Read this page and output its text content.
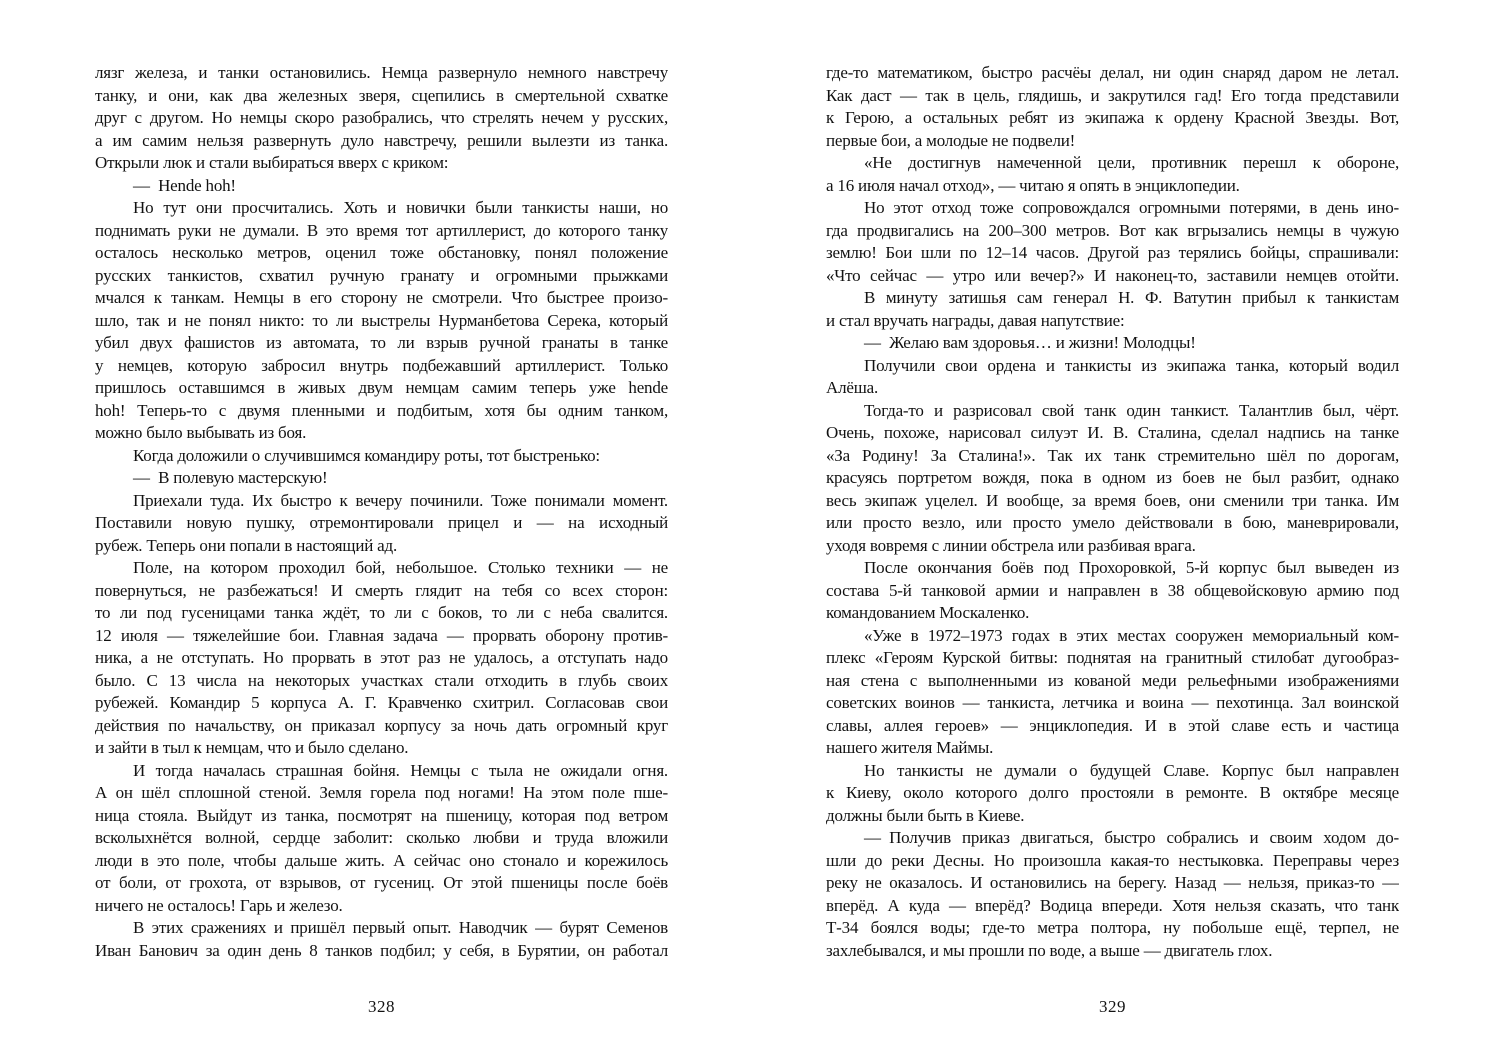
лязг железа, и танки остановились. Немца развернуло немного навстречу
танку, и они, как два железных зверя, сцепились в смертельной схватке
друг с другом. Но немцы скоро разобрались, что стрелять нечем у русских,
а им самим нельзя развернуть дуло навстречу, решили вылезти из танка.
Открыли люк и стали выбираться вверх с криком:
— Hende hoh!
Но тут они просчитались. Хоть и новички были танкисты наши, но
поднимать руки не думали. В это время тот артиллерист, до которого танку
осталось несколько метров, оценил тоже обстановку, понял положение
русских танкистов, схватил ручную гранату и огромными прыжками
мчался к танкам. Немцы в его сторону не смотрели. Что быстрее произо-
шло, так и не понял никто: то ли выстрелы Нурманбетова Серека, который
убил двух фашистов из автомата, то ли взрыв ручной гранаты в танке
у немцев, которую забросил внутрь подбежавший артиллерист. Только
пришлось оставшимся в живых двум немцам самим теперь уже hende
hoh! Теперь-то с двумя пленными и подбитым, хотя бы одним танком,
можно было выбывать из боя.
Когда доложили о случившимся командиру роты, тот быстренько:
— В полевую мастерскую!
Приехали туда. Их быстро к вечеру починили. Тоже понимали момент.
Поставили новую пушку, отремонтировали прицел и — на исходный
рубеж. Теперь они попали в настоящий ад.
Поле, на котором проходил бой, небольшое. Столько техники — не
повернуться, не разбежаться! И смерть глядит на тебя со всех сторон:
то ли под гусеницами танка ждёт, то ли с боков, то ли с неба свалится.
12 июля — тяжелейшие бои. Главная задача — прорвать оборону против-
ника, а не отступать. Но прорвать в этот раз не удалось, а отступать надо
было. С 13 числа на некоторых участках стали отходить в глубь своих
рубежей. Командир 5 корпуса А. Г. Кравченко схитрил. Согласовав свои
действия по начальству, он приказал корпусу за ночь дать огромный круг
и зайти в тыл к немцам, что и было сделано.
И тогда началась страшная бойня. Немцы с тыла не ожидали огня.
А он шёл сплошной стеной. Земля горела под ногами! На этом поле пше-
ница стояла. Выйдут из танка, посмотрят на пшеницу, которая под ветром
всколыхнётся волной, сердце заболит: сколько любви и труда вложили
люди в это поле, чтобы дальше жить. А сейчас оно стонало и корежилось
от боли, от грохота, от взрывов, от гусениц. От этой пшеницы после боёв
ничего не осталось! Гарь и железо.
В этих сражениях и пришёл первый опыт. Наводчик — бурят Семенов
Иван Банович за один день 8 танков подбил; у себя, в Бурятии, он работал
328
где-то математиком, быстро расчёы делал, ни один снаряд даром не летал.
Как даст — так в цель, глядишь, и закрутился гад! Его тогда представили
к Герою, а остальных ребят из экипажа к ордену Красной Звезды. Вот,
первые бои, а молодые не подвели!
«Не достигнув намеченной цели, противник перешл к обороне,
а 16 июля начал отход», — читаю я опять в энциклопедии.
Но этот отход тоже сопровождался огромными потерями, в день ино-
гда продвигались на 200–300 метров. Вот как вгрызались немцы в чужую
землю! Бои шли по 12–14 часов. Другой раз терялись бойцы, спрашивали:
«Что сейчас — утро или вечер?» И наконец-то, заставили немцев отойти.
В минуту затишья сам генерал Н. Ф. Ватутин прибыл к танкистам
и стал вручать награды, давая напутствие:
— Желаю вам здоровья… и жизни! Молодцы!
Получили свои ордена и танкисты из экипажа танка, который водил
Алёша.
Тогда-то и разрисовал свой танк один танкист. Талантлив был, чёрт.
Очень, похоже, нарисовал силуэт И. В. Сталина, сделал надпись на танке
«За Родину! За Сталина!». Так их танк стремительно шёл по дорогам,
красуясь портретом вождя, пока в одном из боев не был разбит, однако
весь экипаж уцелел. И вообще, за время боев, они сменили три танка. Им
или просто везло, или просто умело действовали в бою, маневрировали,
уходя вовремя с линии обстрела или разбивая врага.
После окончания боёв под Прохоровкой, 5-й корпус был выведен из
состава 5-й танковой армии и направлен в 38 общевойсковую армию под
командованием Москаленко.
«Уже в 1972–1973 годах в этих местах сооружен мемориальный ком-
плекс «Героям Курской битвы: поднятая на гранитный стилобат дугообраз-
ная стена с выполненными из кованой меди рельефными изображениями
советских воинов — танкиста, летчика и воина — пехотинца. Зал воинской
славы, аллея героев» — энциклопедия. И в этой славе есть и частица
нашего жителя Маймы.
Но танкисты не думали о будущей Славе. Корпус был направлен
к Киеву, около которого долго простояли в ремонте. В октябре месяце
должны были быть в Киеве.
— Получив приказ двигаться, быстро собрались и своим ходом до-
шли до реки Десны. Но произошла какая-то нестыковка. Переправы через
реку не оказалось. И остановились на берегу. Назад — нельзя, приказ-то —
вперёд. А куда — вперёд? Водица впереди. Хотя нельзя сказать, что танк
Т-34 боялся воды; где-то метра полтора, ну побольше ещё, терпел, не
захлебывался, и мы прошли по воде, а выше — двигатель глох.
329
